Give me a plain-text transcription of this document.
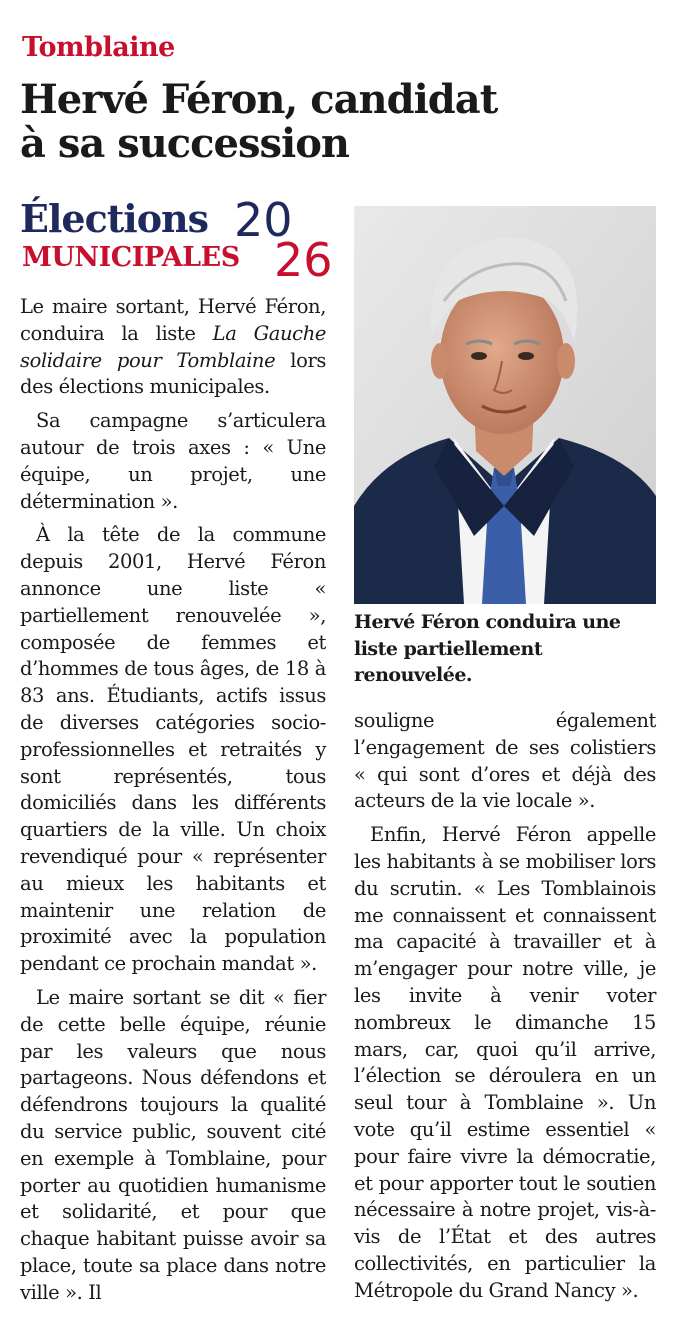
Tomblaine
Hervé Féron, candidat
à sa succession
Élections
MUNICIPALES
20
26

Le maire sortant, Hervé Féron, conduira la liste La Gauche solidaire pour Tomblaine lors des élections municipales.

Sa campagne s’articulera autour de trois axes : « Une équipe, un projet, une détermination ».

À la tête de la commune depuis 2001, Hervé Féron annonce une liste « partiellement renouvelée », composée de femmes et d’hommes de tous âges, de 18 à 83 ans. Étudiants, actifs issus de diverses catégories socio-professionnelles et retraités y sont représentés, tous domiciliés dans les différents quartiers de la ville. Un choix revendiqué pour « représenter au mieux les habitants et maintenir une relation de proximité avec la population pendant ce prochain mandat ».

Le maire sortant se dit « fier de cette belle équipe, réunie par les valeurs que nous partageons. Nous défendons et défendrons toujours la qualité du service public, souvent cité en exemple à Tomblaine, pour porter au quotidien humanisme et solidarité, et pour que chaque habitant puisse avoir sa place, toute sa place dans notre ville ». Il

Hervé Féron conduira une liste partiellement renouvelée.

souligne également l’engagement de ses colistiers « qui sont d’ores et déjà des acteurs de la vie locale ».

Enfin, Hervé Féron appelle les habitants à se mobiliser lors du scrutin. « Les Tomblainois me connaissent et connaissent ma capacité à travailler et à m’engager pour notre ville, je les invite à venir voter nombreux le dimanche 15 mars, car, quoi qu’il arrive, l’élection se déroulera en un seul tour à Tomblaine ». Un vote qu’il estime essentiel « pour faire vivre la démocratie, et pour apporter tout le soutien nécessaire à notre projet, vis-à-vis de l’État et des autres collectivités, en particulier la Métropole du Grand Nancy ».
